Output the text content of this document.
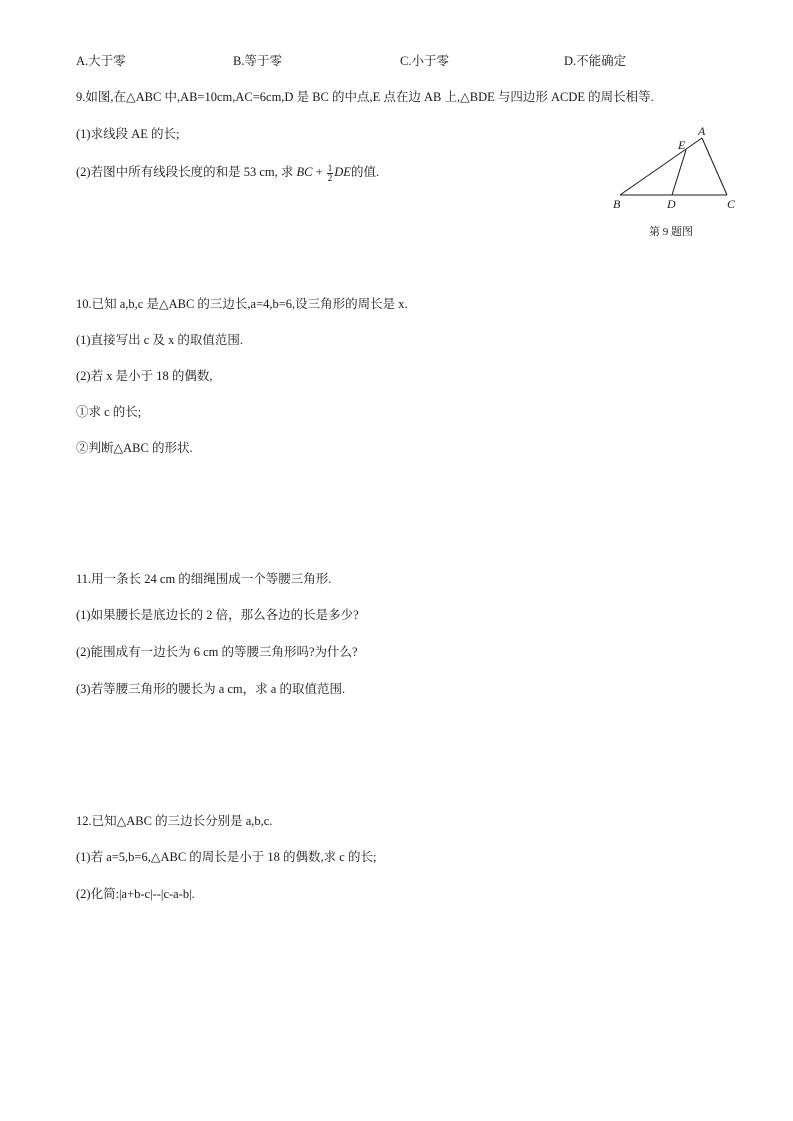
A.大于零	B.等于零	C.小于零	D.不能确定
9.如图,在△ABC 中,AB=10cm,AC=6cm,D 是 BC 的中点,E 点在边 AB 上,△BDE 与四边形 ACDE 的周长相等.
(1)求线段 AE 的长;
(2)若图中所有线段长度的和是 53 cm, 求 BC + $\frac{1}{2}$ DE的值.
A
E
B	D	C
第 9 题图
10.已知 a,b,c 是△ABC 的三边长,a=4,b=6,设三角形的周长是 x.
(1)直接写出 c 及 x 的取值范围.
(2)若 x 是小于 18 的偶数,
①求 c 的长;
②判断△ABC 的形状.
11.用一条长 24 cm 的细绳围成一个等腰三角形.
(1)如果腰长是底边长的 2 倍，那么各边的长是多少?
(2)能围成有一边长为 6 cm 的等腰三角形吗?为什么?
(3)若等腰三角形的腰长为 a cm，求 a 的取值范围.
12.已知△ABC 的三边长分别是 a,b,c.
(1)若 a=5,b=6,△ABC 的周长是小于 18 的偶数,求 c 的长;
(2)化简:|a+b-c|--|c-a-b|.
